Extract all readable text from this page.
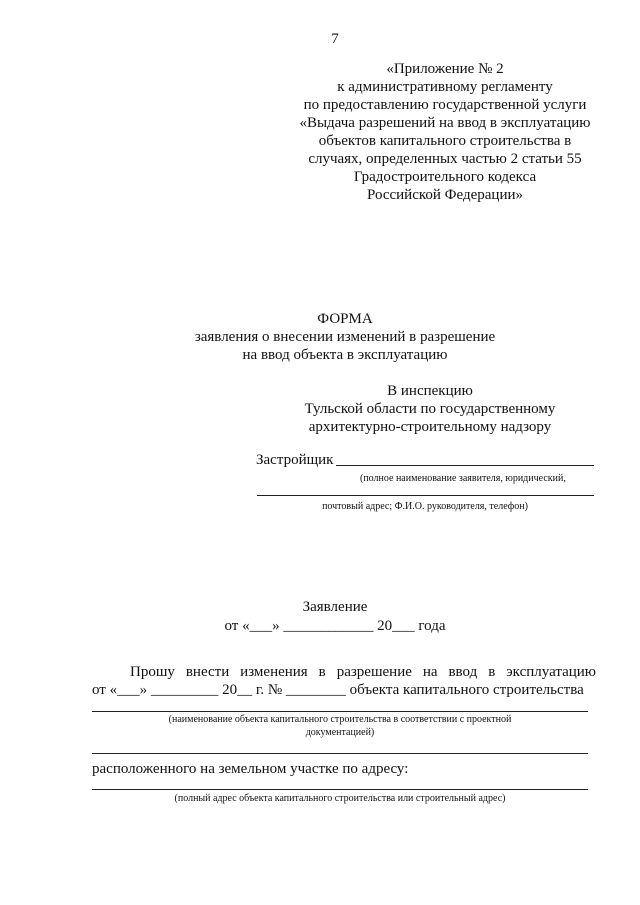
7
«Приложение № 2
к административному регламенту
по предоставлению государственной услуги
«Выдача разрешений на ввод в эксплуатацию
объектов капитального строительства в
случаях, определенных частью 2 статьи 55
Градостроительного кодекса
Российской Федерации»
ФОРМА
заявления о внесении изменений в разрешение
на ввод объекта в эксплуатацию
В инспекцию
Тульской области по государственному
архитектурно-строительному надзору
Застройщик
(полное наименование заявителя, юридический,
почтовый адрес; Ф.И.О. руководителя, телефон)
Заявление
от «___» ____________ 20___ года
Прошу внести изменения в разрешение на ввод в эксплуатацию
от «___» _________ 20__ г. № ________ объекта капитального строительства
(наименование объекта капитального строительства в соответствии с проектной
документацией)
расположенного на земельном участке по адресу:
(полный адрес объекта капитального строительства или строительный адрес)
